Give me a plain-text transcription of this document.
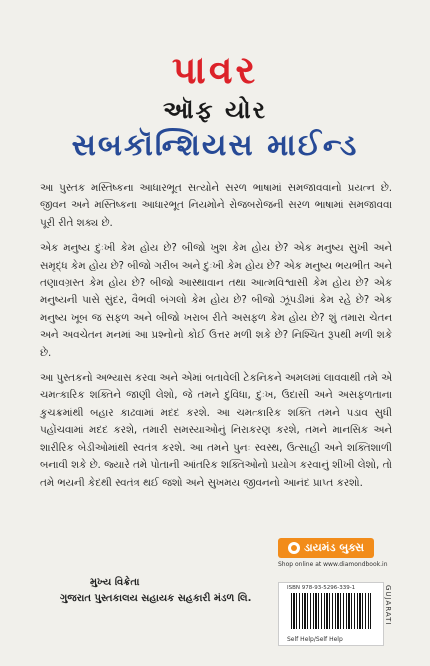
પાવર
ઑફ યોર
સબકૉન્શિયસ માઈન્ડ

આ પુસ્તક મસ્તિષ્કના આધારભૂત સત્યોને સરળ ભાષામાં સમજાવવાનો પ્રયત્ન છે. જીવન અને મસ્તિષ્કના આધારભૂત નિયમોને રોજબરોજની સરળ ભાષામાં સમજાવવા પૂરી રીતે શક્ય છે.

એક મનુષ્ય દુઃખી કેમ હોય છે? બીજો ખુશ કેમ હોય છે? એક મનુષ્ય સુખી અને સમૃદ્ધ કેમ હોય છે? બીજો ગરીબ અને દુઃખી કેમ હોય છે? એક મનુષ્ય ભયભીત અને તણાવગ્રસ્ત કેમ હોય છે? બીજો આસ્થાવાન તથા આત્મવિશ્વાસી કેમ હોય છે? એક મનુષ્યની પાસે સુંદર, વૈભવી બંગલો કેમ હોય છે? બીજો ઝૂંપડીમાં કેમ રહે છે? એક મનુષ્ય ખૂબ જ સફળ અને બીજો ખરાબ રીતે અસફળ કેમ હોય છે? શું તમારા ચેતન અને અવચેતન મનમાં આ પ્રશ્નોનો કોઈ ઉત્તર મળી શકે છે? નિશ્ચિત રૂપથી મળી શકે છે.

આ પુસ્તકનો અભ્યાસ કરવા અને એમાં બતાવેલી ટેકનિકને અમલમાં લાવવાથી તમે એ ચમત્કારિક શક્તિને જાણી લેશો, જે તમને દુવિધા, દુઃખ, ઉદાસી અને અસફળતાના કુચક્રમાંથી બહાર કાઢવામાં મદદ કરશે. આ ચમત્કારિક શક્તિ તમને પડાવ સુધી પહોંચવામાં મદદ કરશે, તમારી સમસ્યાઓનું નિરાકરણ કરશે, તમને માનસિક અને શારીરિક બેડીઓમાંથી સ્વતંત્ર કરશે. આ તમને પુનઃ સ્વસ્થ, ઉત્સાહી અને શક્તિશાળી બનાવી શકે છે. જ્યારે તમે પોતાની આંતરિક શક્તિઓનો પ્રયોગ કરવાનું શીખી લેશો, તો તમે ભયની કેદથી સ્વતંત્ર થઈ જશો અને સુખમય જીવનનો આનંદ પ્રાપ્ત કરશો.

મુખ્ય વિક્રેતા
ગુજરાત પુસ્તકાલય સહાયક સહકારી મંડળ લિ.
ડાયમંડ બુક્સ
Shop online at www.diamondbook.in
ISBN 978-93-5296-339-1
Self Help/Self Help
GUJARATI
